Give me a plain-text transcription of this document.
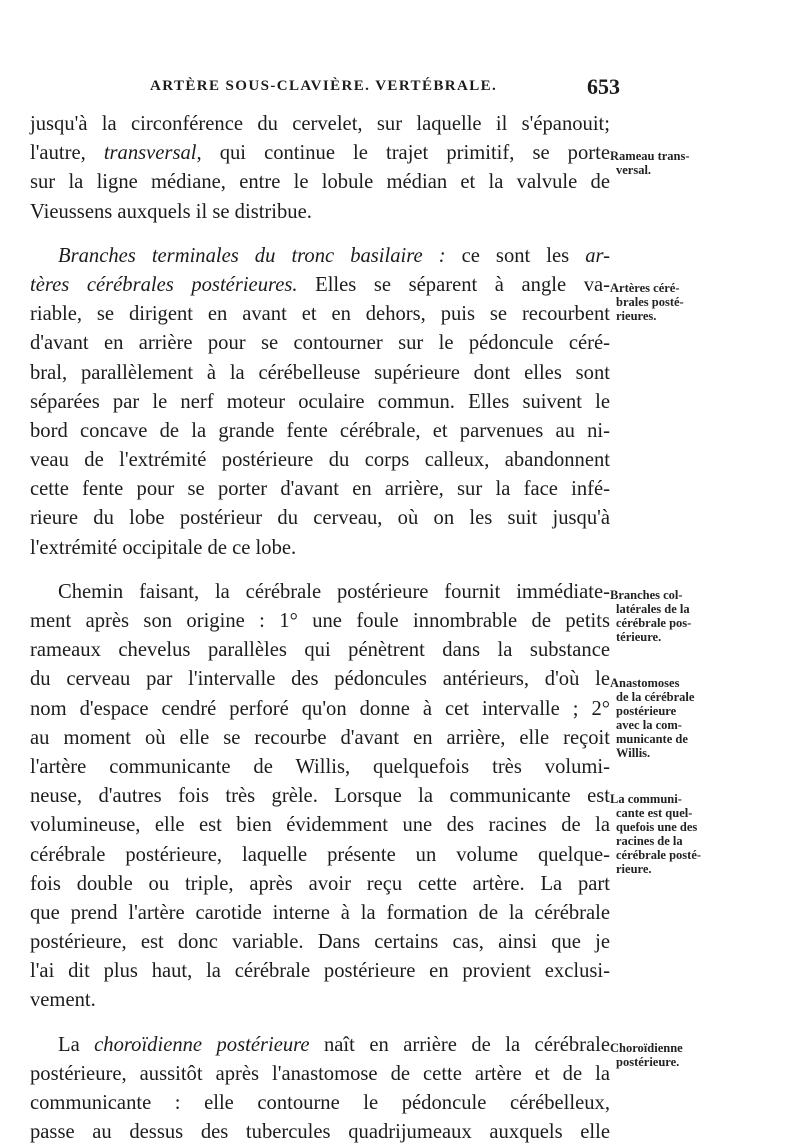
ARTÈRE SOUS-CLAVIÈRE. VERTÉBRALE.	653
jusqu'à la circonférence du cervelet, sur laquelle il s'épanouit;
l'autre, transversal, qui continue le trajet primitif, se porte
sur la ligne médiane, entre le lobule médian et la valvule de
Vieussens auxquels il se distribue.
Branches terminales du tronc basilaire : ce sont les ar-
tères cérébrales postérieures. Elles se séparent à angle va-
riable, se dirigent en avant et en dehors, puis se recourbent
d'avant en arrière pour se contourner sur le pédoncule céré-
bral, parallèlement à la cérébelleuse supérieure dont elles sont
séparées par le nerf moteur oculaire commun. Elles suivent le
bord concave de la grande fente cérébrale, et parvenues au ni-
veau de l'extrémité postérieure du corps calleux, abandonnent
cette fente pour se porter d'avant en arrière, sur la face infé-
rieure du lobe postérieur du cerveau, où on les suit jusqu'à
l'extrémité occipitale de ce lobe.
Chemin faisant, la cérébrale postérieure fournit immédiate-
ment après son origine : 1° une foule innombrable de petits
rameaux chevelus parallèles qui pénètrent dans la substance
du cerveau par l'intervalle des pédoncules antérieurs, d'où le
nom d'espace cendré perforé qu'on donne à cet intervalle ; 2°
au moment où elle se recourbe d'avant en arrière, elle reçoit
l'artère communicante de Willis, quelquefois très volumi-
neuse, d'autres fois très grèle. Lorsque la communicante est
volumineuse, elle est bien évidemment une des racines de la
cérébrale postérieure, laquelle présente un volume quelque-
fois double ou triple, après avoir reçu cette artère. La part
que prend l'artère carotide interne à la formation de la cérébrale
postérieure, est donc variable. Dans certains cas, ainsi que je
l'ai dit plus haut, la cérébrale postérieure en provient exclusi-
vement.
La choroïdienne postérieure naît en arrière de la cérébrale
postérieure, aussitôt après l'anastomose de cette artère et de la
communicante : elle contourne le pédoncule cérébelleux,
passe au dessus des tubercules quadrijumeaux auxquels elle
Rameau trans-
versal.
Artères céré-
brales posté-
rieures.
Branches col-
latérales de la
cérébrale pos-
térieure.
Anastomoses
de la cérébrale
postérieure
avec la com-
municante de
Willis.
La communi-
cante est quel-
quefois une des
racines de la
cérébrale posté-
rieure.
Choroïdienne
postérieure.
